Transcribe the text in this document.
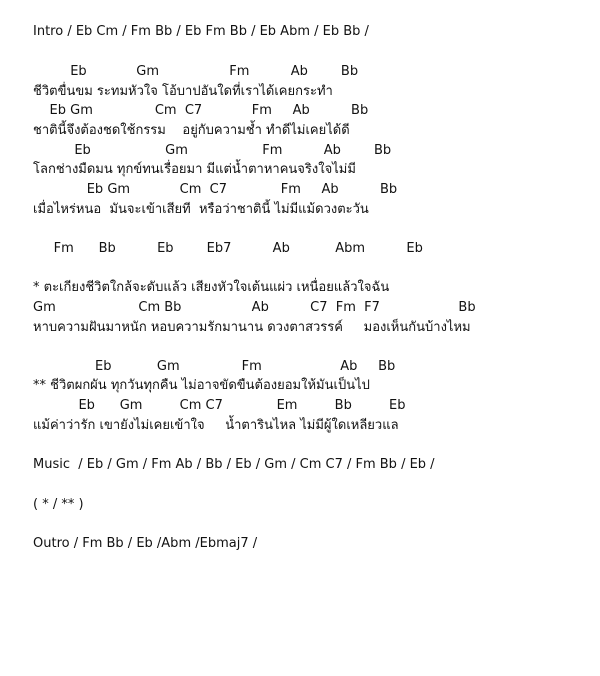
Intro / Eb Cm / Fm Bb / Eb Fm Bb / Eb Abm / Eb Bb /

Eb            Gm                 Fm          Ab        Bb

ชีวิตขื่นขม ระทมหัวใจ โอ้บาปอันใดที่เราได้เคยกระทำ

Eb Gm               Cm  C7            Fm     Ab          Bb

ชาตินี้จึงต้องชดใช้กรรม    อยู่กับความช้ำ ทำดีไม่เคยได้ดี

Eb                  Gm                  Fm          Ab        Bb

โลกช่างมืดมน ทุกข์ทนเรื่อยมา มีแต่น้ำตาหาคนจริงใจไม่มี

Eb Gm            Cm  C7             Fm     Ab          Bb

เมื่อไหร่หนอ  มันจะเข้าเสียที  หรือว่าชาตินี้ ไม่มีแม้ดวงตะวัน

Fm      Bb          Eb        Eb7          Ab           Abm          Eb

* ตะเกียงชีวิตใกล้จะดับแล้ว เสียงหัวใจเต้นแผ่ว เหนื่อยแล้วใจฉัน

Gm                    Cm Bb                 Ab          C7  Fm  F7                   Bb

หาบความฝันมาหนัก หอบความรักมานาน ดวงตาสวรรค์     มองเห็นกันบ้างไหม

Eb           Gm               Fm                   Ab     Bb

** ชีวิตผกผัน ทุกวันทุกคืน ไม่อาจขัดขืนต้องยอมให้มันเป็นไป

Eb      Gm         Cm C7             Em         Bb         Eb

แม้ค่าว่ารัก เขายังไม่เคยเข้าใจ     น้ำตารินไหล ไม่มีผู้ใดเหลียวแล

Music  / Eb / Gm / Fm Ab / Bb / Eb / Gm / Cm C7 / Fm Bb / Eb /

( * / ** )

Outro / Fm Bb / Eb /Abm /Ebmaj7 /
